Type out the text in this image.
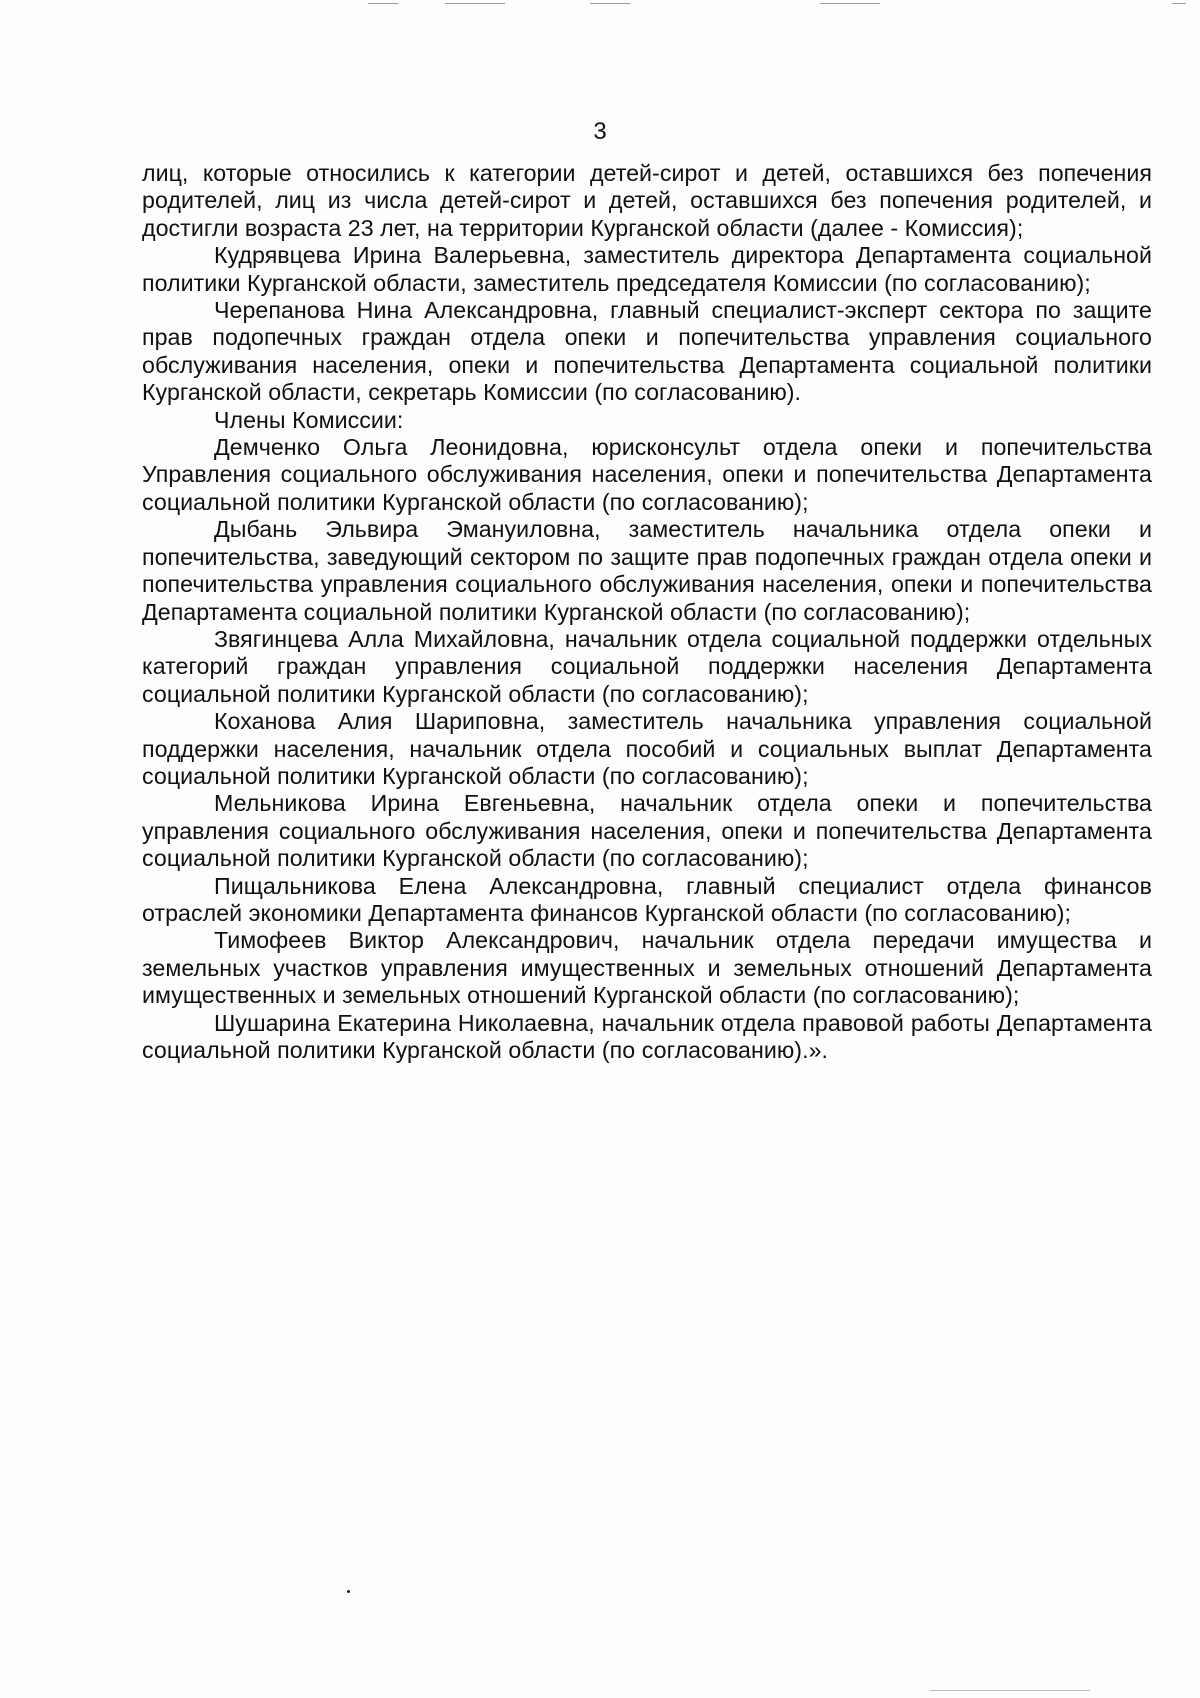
3

лиц, которые относились к категории детей-сирот и детей, оставшихся без попечения родителей, лиц из числа детей-сирот и детей, оставшихся без попечения родителей, и достигли возраста 23 лет, на территории Курганской области (далее - Комиссия);

Кудрявцева Ирина Валерьевна, заместитель директора Департамента социальной политики Курганской области, заместитель председателя Комиссии (по согласованию);

Черепанова Нина Александровна, главный специалист-эксперт сектора по защите прав подопечных граждан отдела опеки и попечительства управления социального обслуживания населения, опеки и попечительства Департамента социальной политики Курганской области, секретарь Комиссии (по согласованию).

Члены Комиссии:

Демченко Ольга Леонидовна, юрисконсульт отдела опеки и попечительства Управления социального обслуживания населения, опеки и попечительства Департамента социальной политики Курганской области (по согласованию);

Дыбань Эльвира Эмануиловна, заместитель начальника отдела опеки и попечительства, заведующий сектором по защите прав подопечных граждан отдела опеки и попечительства управления социального обслуживания населения, опеки и попечительства Департамента социальной политики Курганской области (по согласованию);

Звягинцева Алла Михайловна, начальник отдела социальной поддержки отдельных категорий граждан управления социальной поддержки населения Департамента социальной политики Курганской области (по согласованию);

Коханова Алия Шариповна, заместитель начальника управления социальной поддержки населения, начальник отдела пособий и социальных выплат Департамента социальной политики Курганской области (по согласованию);

Мельникова Ирина Евгеньевна, начальник отдела опеки и попечительства управления социального обслуживания населения, опеки и попечительства Департамента социальной политики Курганской области (по согласованию);

Пищальникова Елена Александровна, главный специалист отдела финансов отраслей экономики Департамента финансов Курганской области (по согласованию);

Тимофеев Виктор Александрович, начальник отдела передачи имущества и земельных участков управления имущественных и земельных отношений Департамента имущественных и земельных отношений Курганской области (по согласованию);

Шушарина Екатерина Николаевна, начальник отдела правовой работы Департамента социальной политики Курганской области (по согласованию).».
